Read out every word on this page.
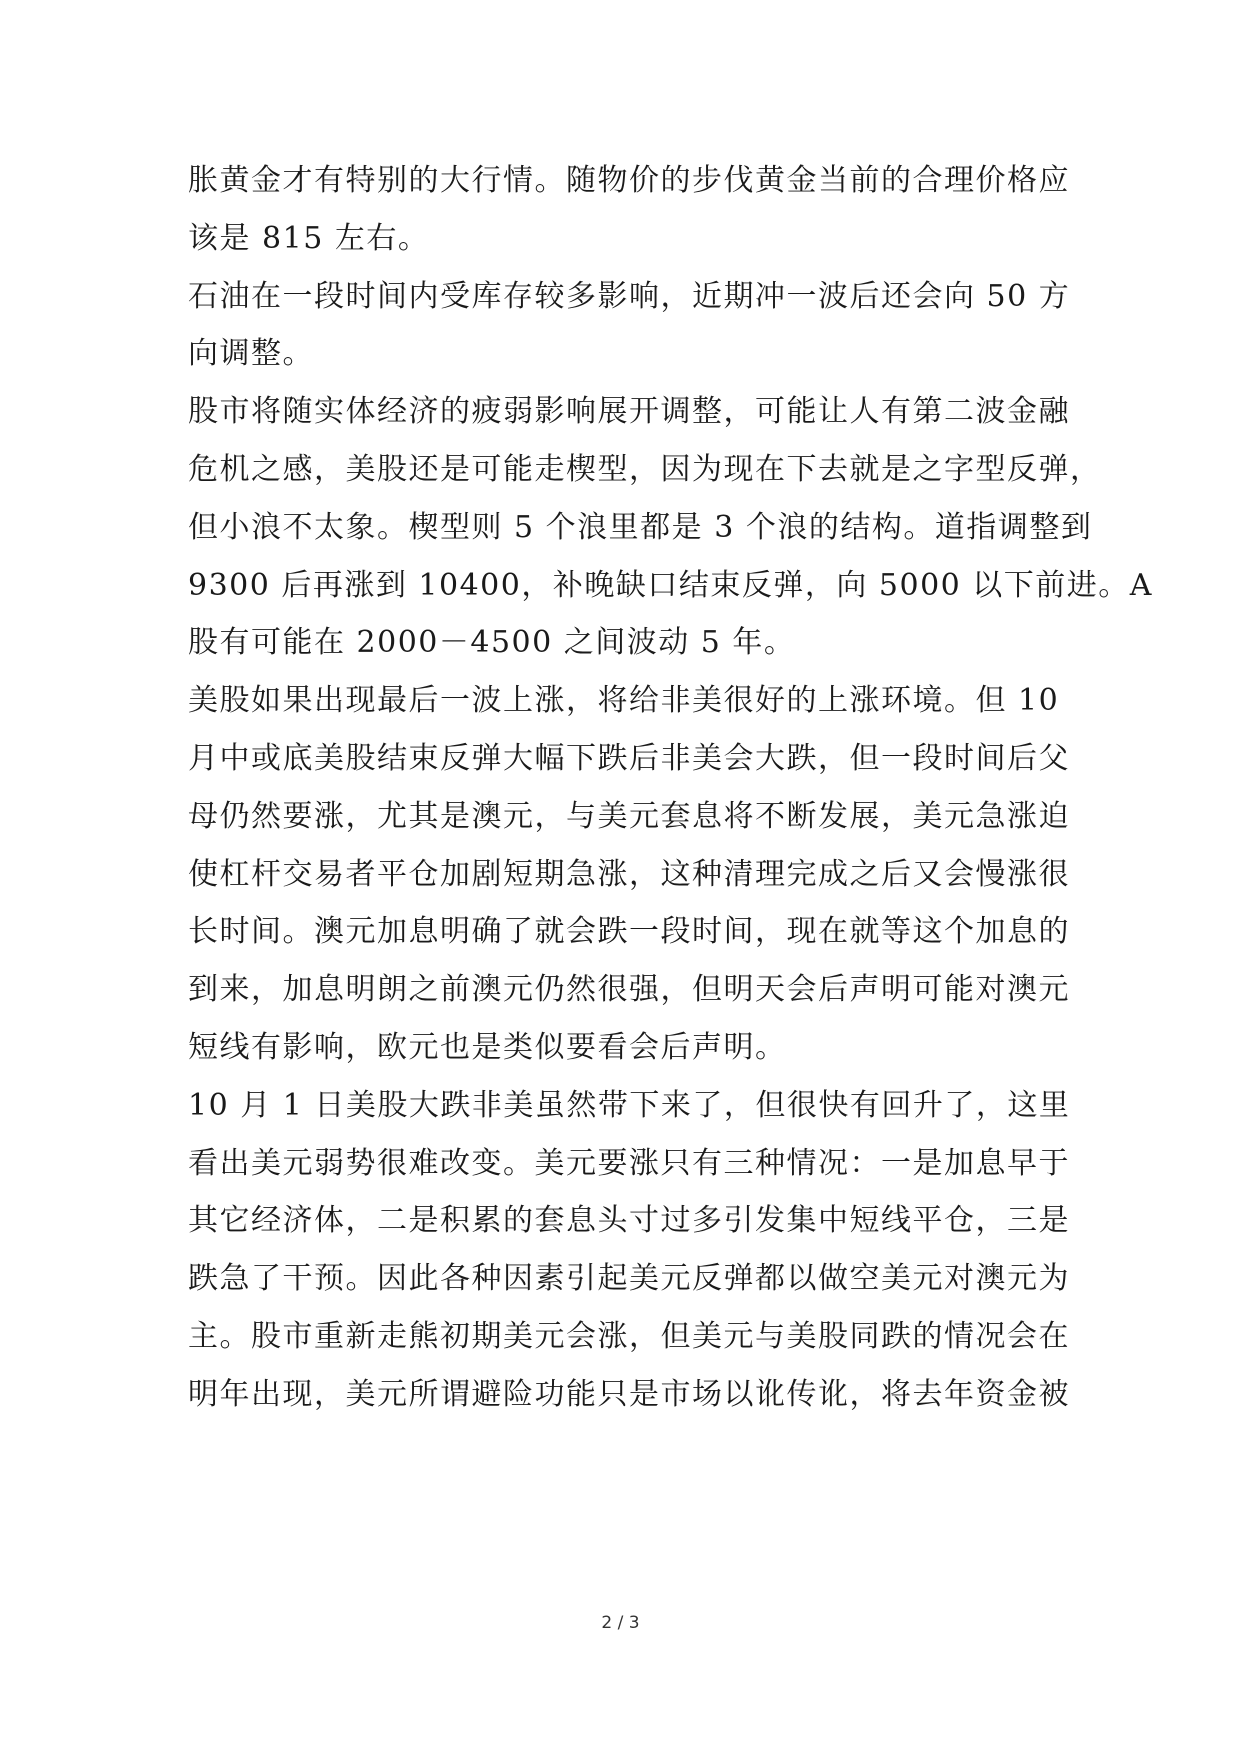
胀黄金才有特别的大行情。随物价的步伐黄金当前的合理价格应
该是 815 左右。
石油在一段时间内受库存较多影响，近期冲一波后还会向 50 方
向调整。
股市将随实体经济的疲弱影响展开调整，可能让人有第二波金融
危机之感，美股还是可能走楔型，因为现在下去就是之字型反弹，
但小浪不太象。楔型则 5 个浪里都是 3 个浪的结构。道指调整到
9300 后再涨到 10400，补晚缺口结束反弹，向 5000 以下前进。A
股有可能在 2000－4500 之间波动 5 年。
美股如果出现最后一波上涨，将给非美很好的上涨环境。但 10
月中或底美股结束反弹大幅下跌后非美会大跌，但一段时间后父
母仍然要涨，尤其是澳元，与美元套息将不断发展，美元急涨迫
使杠杆交易者平仓加剧短期急涨，这种清理完成之后又会慢涨很
长时间。澳元加息明确了就会跌一段时间，现在就等这个加息的
到来，加息明朗之前澳元仍然很强，但明天会后声明可能对澳元
短线有影响，欧元也是类似要看会后声明。
10 月 1 日美股大跌非美虽然带下来了，但很快有回升了，这里
看出美元弱势很难改变。美元要涨只有三种情况：一是加息早于
其它经济体，二是积累的套息头寸过多引发集中短线平仓，三是
跌急了干预。因此各种因素引起美元反弹都以做空美元对澳元为
主。股市重新走熊初期美元会涨，但美元与美股同跌的情况会在
明年出现，美元所谓避险功能只是市场以讹传讹，将去年资金被
2 / 3
